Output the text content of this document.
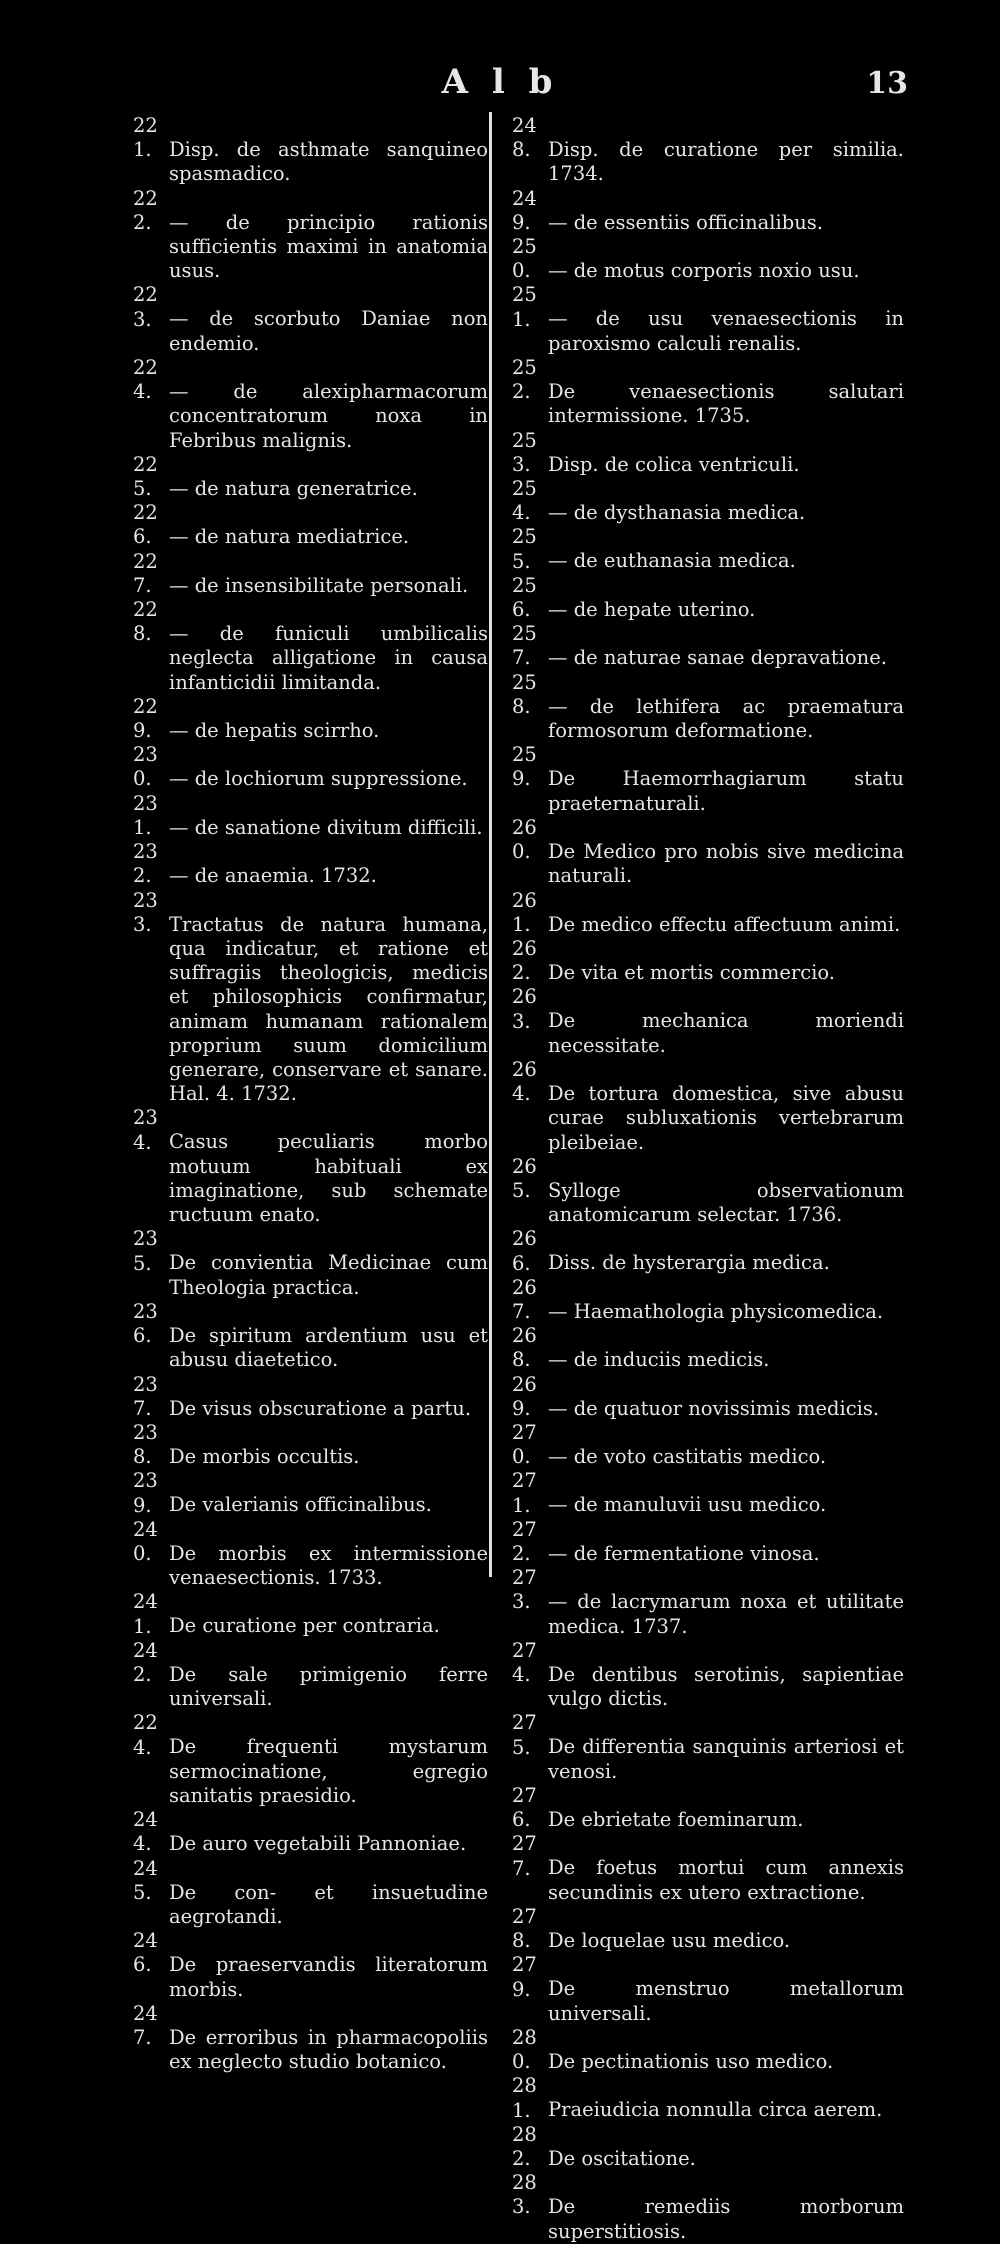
A l b	13

221. Disp. de asthmate sanquineo spasmadico.

222. — de principio rationis sufficientis maximi in anatomia usus.

223. — de scorbuto Daniae non endemio.

224. — de alexipharmacorum concentratorum noxa in Febribus malignis.

225. — de natura generatrice.

226. — de natura mediatrice.

227. — de insensibilitate personali.

228. — de funiculi umbilicalis neglecta alligatione in causa infanticidii limitanda.

229. — de hepatis scirrho.

230. — de lochiorum suppressione.

231. — de sanatione divitum difficili.

232. — de anaemia. 1732.

233. Tractatus de natura humana, qua indicatur, et ratione et suffragiis theologicis, medicis et philosophicis confirmatur, animam humanam rationalem proprium suum domicilium generare, conservare et sanare. Hal. 4. 1732.

234. Casus peculiaris morbo motuum habituali ex imaginatione, sub schemate ructuum enato.

235. De convientia Medicinae cum Theologia practica.

236. De spiritum ardentium usu et abusu diaetetico.

237. De visus obscuratione a partu.

238. De morbis occultis.

239. De valerianis officinalibus.

240. De morbis ex intermissione venaesectionis. 1733.

241. De curatione per contraria.

242. De sale primigenio ferre universali.

224. De frequenti mystarum sermocinatione, egregio sanitatis praesidio.

244. De auro vegetabili Pannoniae.

245. De con- et insuetudine aegrotandi.

246. De praeservandis literatorum morbis.

247. De erroribus in pharmacopoliis ex neglecto studio botanico.

248. Disp. de curatione per similia. 1734.

249. — de essentiis officinalibus.

250. — de motus corporis noxio usu.

251. — de usu venaesectionis in paroxismo calculi renalis.

252. De venaesectionis salutari intermissione. 1735.

253. Disp. de colica ventriculi.

254. — de dysthanasia medica.

255. — de euthanasia medica.

256. — de hepate uterino.

257. — de naturae sanae depravatione.

258. — de lethifera ac praematura formosorum deformatione.

259. De Haemorrhagiarum statu praeternaturali.

260. De Medico pro nobis sive medicina naturali.

261. De medico effectu affectuum animi.

262. De vita et mortis commercio.

263. De mechanica moriendi necessitate.

264. De tortura domestica, sive abusu curae subluxationis vertebrarum pleibeiae.

265. Sylloge observationum anatomicarum selectar. 1736.

266. Diss. de hysterargia medica.

267. — Haemathologia physicomedica.

268. — de induciis medicis.

269. — de quatuor novissimis medicis.

270. — de voto castitatis medico.

271. — de manuluvii usu medico.

272. — de fermentatione vinosa.

273. — de lacrymarum noxa et utilitate medica. 1737.

274. De dentibus serotinis, sapientiae vulgo dictis.

275. De differentia sanquinis arteriosi et venosi.

276. De ebrietate foeminarum.

277. De foetus mortui cum annexis secundinis ex utero extractione.

278. De loquelae usu medico.

279. De menstruo metallorum universali.

280. De pectinationis uso medico.

281. Praeiudicia nonnulla circa aerem.

282. De oscitatione.

283. De remediis morborum superstitiosis.
